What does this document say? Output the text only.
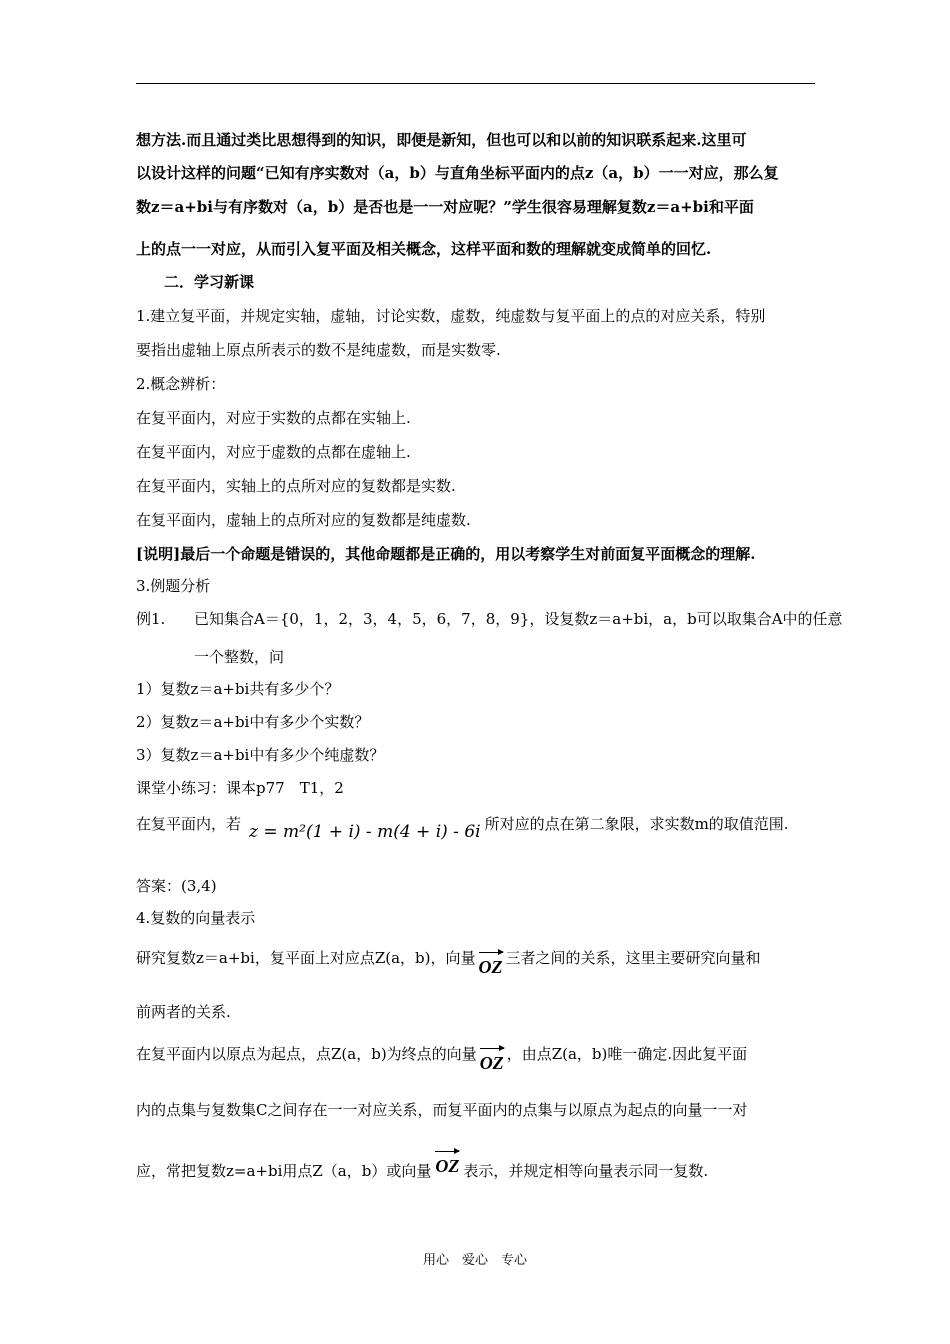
想方法.而且通过类比思想得到的知识，即便是新知，但也可以和以前的知识联系起来.这里可
以设计这样的问题“已知有序实数对（a，b）与直角坐标平面内的点z（a，b）一一对应，那么复
数z＝a+bi与有序数对（a，b）是否也是一一对应呢？”学生很容易理解复数z＝a+bi和平面
上的点一一对应，从而引入复平面及相关概念，这样平面和数的理解就变成简单的回忆.
二．学习新课
1.建立复平面，并规定实轴，虚轴，讨论实数，虚数，纯虚数与复平面上的点的对应关系，特别
要指出虚轴上原点所表示的数不是纯虚数，而是实数零.
2.概念辨析：
在复平面内，对应于实数的点都在实轴上.
在复平面内，对应于虚数的点都在虚轴上.
在复平面内，实轴上的点所对应的复数都是实数.
在复平面内，虚轴上的点所对应的复数都是纯虚数.
[说明]最后一个命题是错误的，其他命题都是正确的，用以考察学生对前面复平面概念的理解.
3.例题分析
例1. 已知集合A＝{0，1，2，3，4，5，6，7，8，9}，设复数z＝a+bi，a，b可以取集合A中的任意
一个整数，问
1）复数z＝a+bi共有多少个？
2）复数z＝a+bi中有多少个实数？
3）复数z＝a+bi中有多少个纯虚数？
课堂小练习：课本p77　T1，2
在复平面内，若 z = m²(1 + i) - m(4 + i) - 6i 所对应的点在第二象限，求实数m的取值范围.
答案：(3,4)
4.复数的向量表示
研究复数z＝a+bi，复平面上对应点Z(a，b)，向量 OZ 三者之间的关系，这里主要研究向量和
前两者的关系.
在复平面内以原点为起点，点Z(a，b)为终点的向量 OZ ，由点Z(a，b)唯一确定.因此复平面
内的点集与复数集C之间存在一一对应关系，而复平面内的点集与以原点为起点的向量一一对
应，常把复数z=a+bi用点Z（a，b）或向量 OZ 表示，并规定相等向量表示同一复数.
用心　爱心　专心
